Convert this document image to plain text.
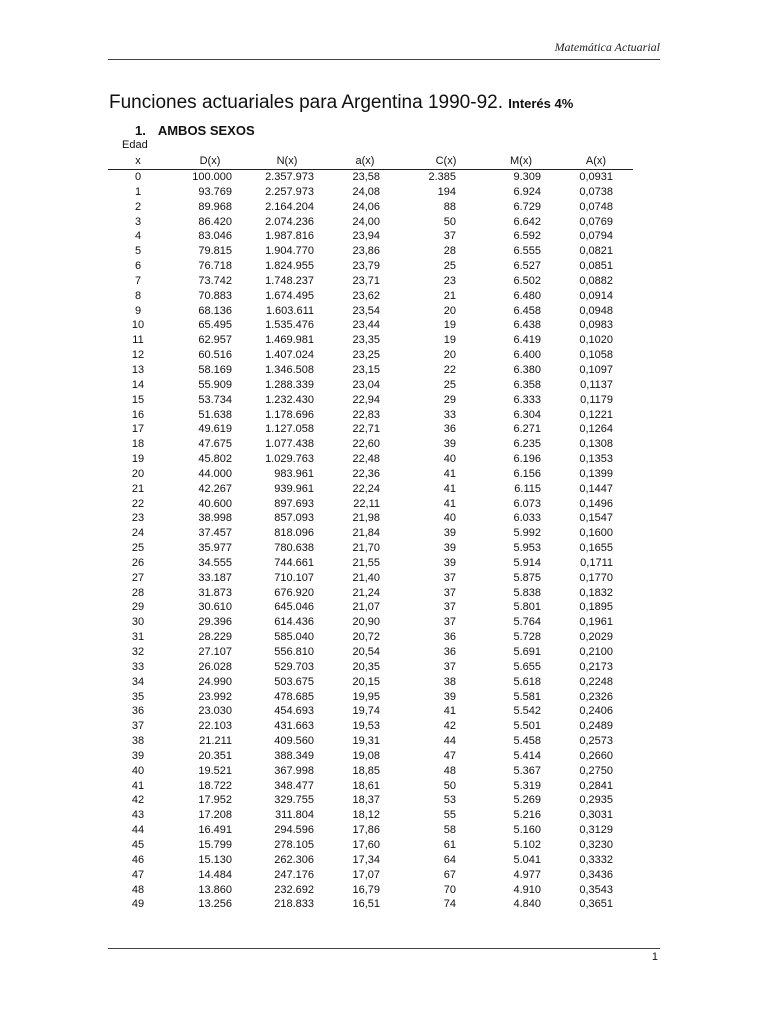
Matemática Actuarial
Funciones actuariales para Argentina 1990-92. Interés 4%
1. AMBOS SEXOS
Edad
x	D(x)	N(x)	a(x)	C(x)	M(x)	A(x)
0	100.000	2.357.973	23,58	2.385	9.309	0,0931
1	93.769	2.257.973	24,08	194	6.924	0,0738
2	89.968	2.164.204	24,06	88	6.729	0,0748
3	86.420	2.074.236	24,00	50	6.642	0,0769
4	83.046	1.987.816	23,94	37	6.592	0,0794
5	79.815	1.904.770	23,86	28	6.555	0,0821
6	76.718	1.824.955	23,79	25	6.527	0,0851
7	73.742	1.748.237	23,71	23	6.502	0,0882
8	70.883	1.674.495	23,62	21	6.480	0,0914
9	68.136	1.603.611	23,54	20	6.458	0,0948
10	65.495	1.535.476	23,44	19	6.438	0,0983
11	62.957	1.469.981	23,35	19	6.419	0,1020
12	60.516	1.407.024	23,25	20	6.400	0,1058
13	58.169	1.346.508	23,15	22	6.380	0,1097
14	55.909	1.288.339	23,04	25	6.358	0,1137
15	53.734	1.232.430	22,94	29	6.333	0,1179
16	51.638	1.178.696	22,83	33	6.304	0,1221
17	49.619	1.127.058	22,71	36	6.271	0,1264
18	47.675	1.077.438	22,60	39	6.235	0,1308
19	45.802	1.029.763	22,48	40	6.196	0,1353
20	44.000	983.961	22,36	41	6.156	0,1399
21	42.267	939.961	22,24	41	6.115	0,1447
22	40.600	897.693	22,11	41	6.073	0,1496
23	38.998	857.093	21,98	40	6.033	0,1547
24	37.457	818.096	21,84	39	5.992	0,1600
25	35.977	780.638	21,70	39	5.953	0,1655
26	34.555	744.661	21,55	39	5.914	0,1711
27	33.187	710.107	21,40	37	5.875	0,1770
28	31.873	676.920	21,24	37	5.838	0,1832
29	30.610	645.046	21,07	37	5.801	0,1895
30	29.396	614.436	20,90	37	5.764	0,1961
31	28.229	585.040	20,72	36	5.728	0,2029
32	27.107	556.810	20,54	36	5.691	0,2100
33	26.028	529.703	20,35	37	5.655	0,2173
34	24.990	503.675	20,15	38	5.618	0,2248
35	23.992	478.685	19,95	39	5.581	0,2326
36	23.030	454.693	19,74	41	5.542	0,2406
37	22.103	431.663	19,53	42	5.501	0,2489
38	21.211	409.560	19,31	44	5.458	0,2573
39	20.351	388.349	19,08	47	5.414	0,2660
40	19.521	367.998	18,85	48	5.367	0,2750
41	18.722	348.477	18,61	50	5.319	0,2841
42	17.952	329.755	18,37	53	5.269	0,2935
43	17.208	311.804	18,12	55	5.216	0,3031
44	16.491	294.596	17,86	58	5.160	0,3129
45	15.799	278.105	17,60	61	5.102	0,3230
46	15.130	262.306	17,34	64	5.041	0,3332
47	14.484	247.176	17,07	67	4.977	0,3436
48	13.860	232.692	16,79	70	4.910	0,3543
49	13.256	218.833	16,51	74	4.840	0,3651
1
